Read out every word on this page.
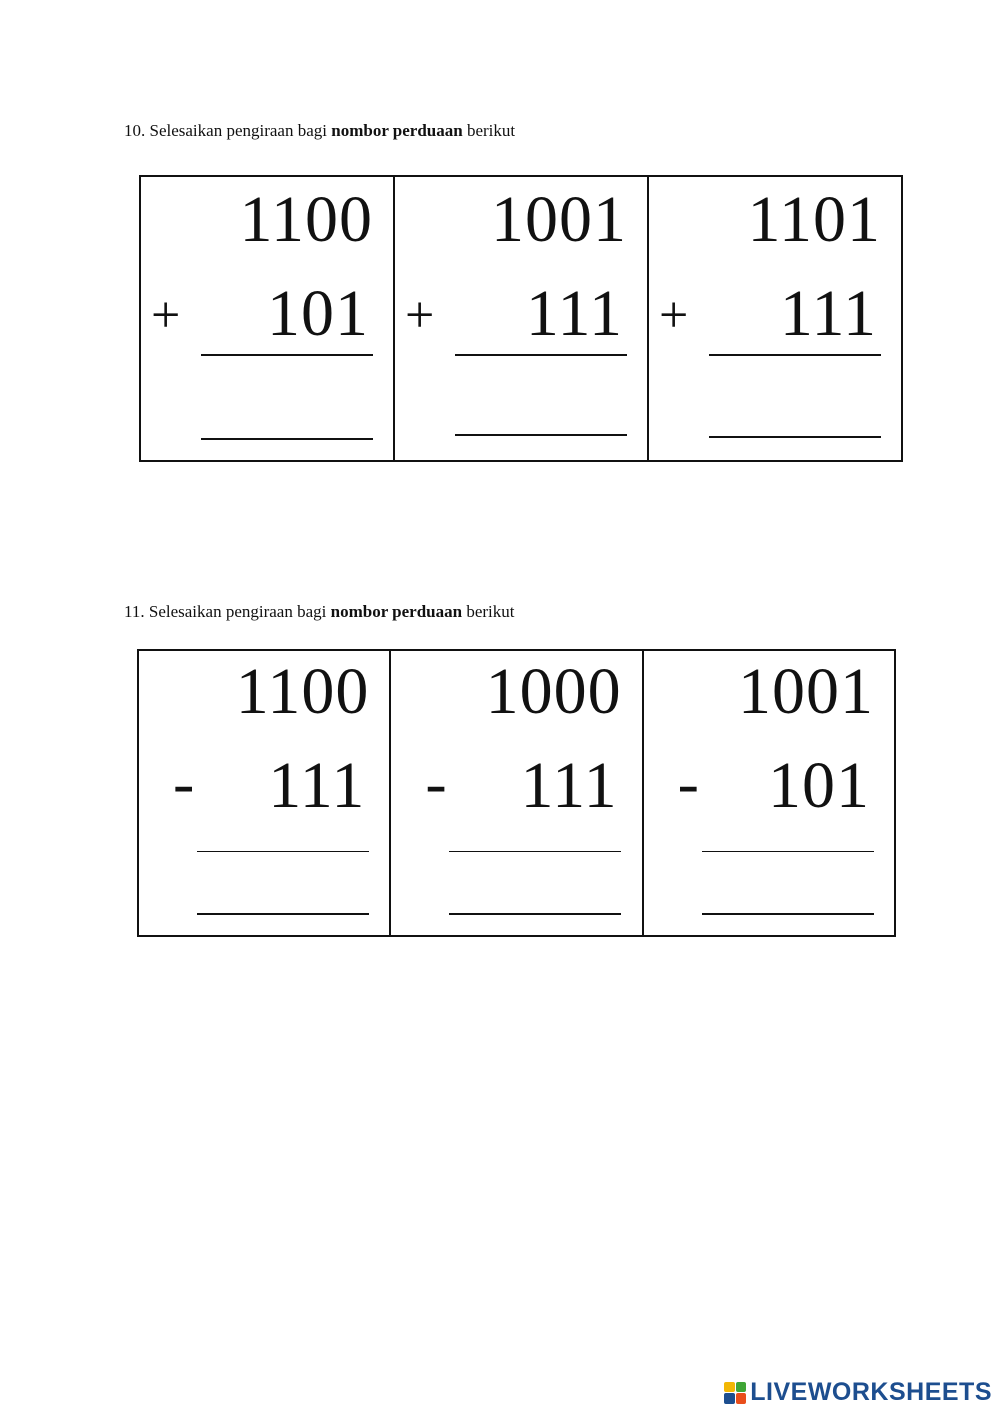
10. Selesaikan pengiraan bagi nombor perduaan berikut
1100
+ 101
1001
+ 111
1101
+ 111
11. Selesaikan pengiraan bagi nombor perduaan berikut
1100
- 111
1000
- 111
1001
- 101
LIVEWORKSHEETS
